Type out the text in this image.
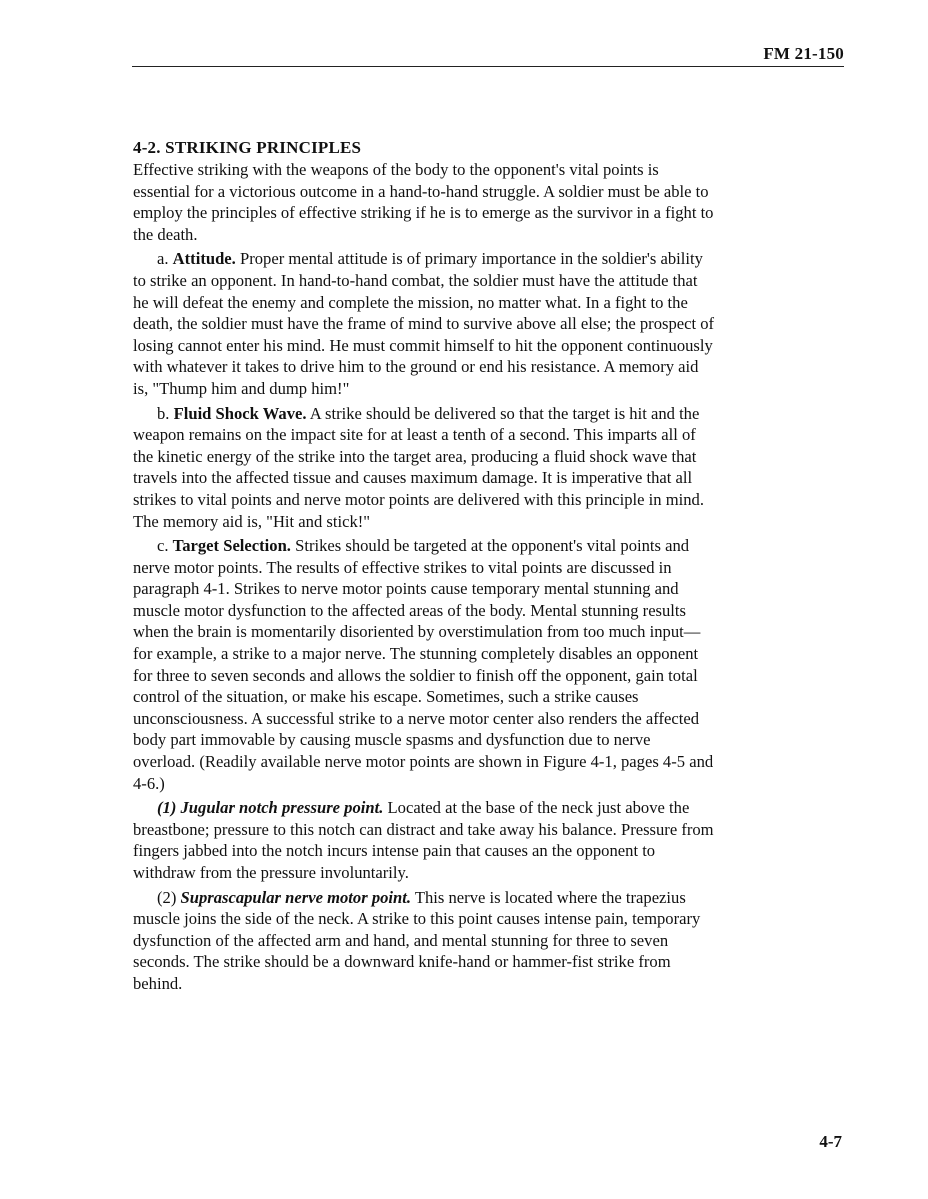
FM 21-150
4-2. STRIKING PRINCIPLES

Effective striking with the weapons of the body to the opponent's vital points is essential for a victorious outcome in a hand-to-hand struggle. A soldier must be able to employ the principles of effective striking if he is to emerge as the survivor in a fight to the death.

a. Attitude. Proper mental attitude is of primary importance in the soldier's ability to strike an opponent. In hand-to-hand combat, the soldier must have the attitude that he will defeat the enemy and complete the mission, no matter what. In a fight to the death, the soldier must have the frame of mind to survive above all else; the prospect of losing cannot enter his mind. He must commit himself to hit the opponent continuously with whatever it takes to drive him to the ground or end his resistance. A memory aid is, "Thump him and dump him!"

b. Fluid Shock Wave. A strike should be delivered so that the target is hit and the weapon remains on the impact site for at least a tenth of a second. This imparts all of the kinetic energy of the strike into the target area, producing a fluid shock wave that travels into the affected tissue and causes maximum damage. It is imperative that all strikes to vital points and nerve motor points are delivered with this principle in mind. The memory aid is, "Hit and stick!"

c. Target Selection. Strikes should be targeted at the opponent's vital points and nerve motor points. The results of effective strikes to vital points are discussed in paragraph 4-1. Strikes to nerve motor points cause temporary mental stunning and muscle motor dysfunction to the affected areas of the body. Mental stunning results when the brain is momentarily disoriented by overstimulation from too much input—for example, a strike to a major nerve. The stunning completely disables an opponent for three to seven seconds and allows the soldier to finish off the opponent, gain total control of the situation, or make his escape. Sometimes, such a strike causes unconsciousness. A successful strike to a nerve motor center also renders the affected body part immovable by causing muscle spasms and dysfunction due to nerve overload. (Readily available nerve motor points are shown in Figure 4-1, pages 4-5 and 4-6.)

(1) Jugular notch pressure point. Located at the base of the neck just above the breastbone; pressure to this notch can distract and take away his balance. Pressure from fingers jabbed into the notch incurs intense pain that causes an the opponent to withdraw from the pressure involuntarily.

(2) Suprascapular nerve motor point. This nerve is located where the trapezius muscle joins the side of the neck. A strike to this point causes intense pain, temporary dysfunction of the affected arm and hand, and mental stunning for three to seven seconds. The strike should be a downward knife-hand or hammer-fist strike from behind.

4-7
